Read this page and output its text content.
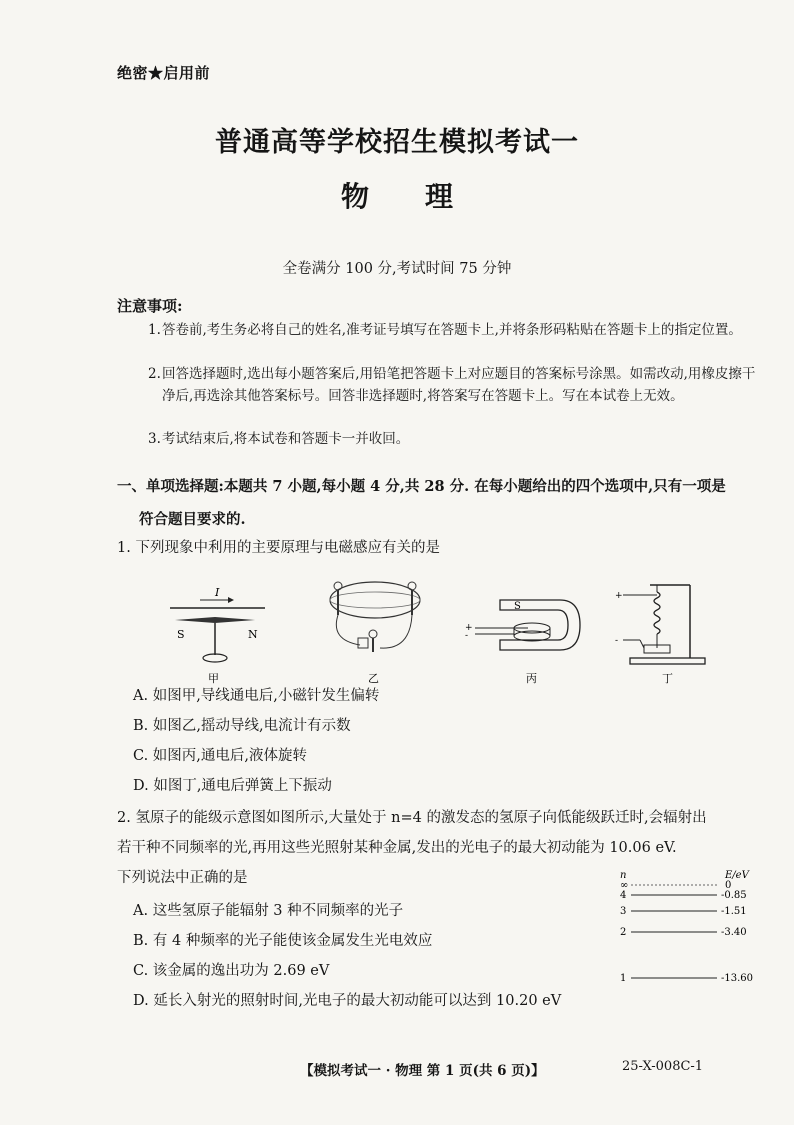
绝密★启用前
普通高等学校招生模拟考试一
物 理
全卷满分 100 分,考试时间 75 分钟
注意事项:
1. 答卷前,考生务必将自己的姓名,准考证号填写在答题卡上,并将条形码粘贴在答题卡上的指定位置。
2. 回答选择题时,选出每小题答案后,用铅笔把答题卡上对应题目的答案标号涂黑。如需改动,用橡皮擦干净后,再选涂其他答案标号。回答非选择题时,将答案写在答题卡上。写在本试卷上无效。
3. 考试结束后,将本试卷和答题卡一并收回。
一、单项选择题:本题共 7 小题,每小题 4 分,共 28 分. 在每小题给出的四个选项中,只有一项是
符合题目要求的.
1. 下列现象中利用的主要原理与电磁感应有关的是
I
S	N
S
+
-
+
-
甲	乙	丙	丁
A. 如图甲,导线通电后,小磁针发生偏转
B. 如图乙,摇动导线,电流计有示数
C. 如图丙,通电后,液体旋转
D. 如图丁,通电后弹簧上下振动
2. 氢原子的能级示意图如图所示,大量处于 n=4 的激发态的氢原子向低能级跃迁时,会辐射出
若干种不同频率的光,再用这些光照射某种金属,发出的光电子的最大初动能为 10.06 eV.
下列说法中正确的是
A. 这些氢原子能辐射 3 种不同频率的光子
B. 有 4 种频率的光子能使该金属发生光电效应
C. 该金属的逸出功为 2.69 eV
D. 延长入射光的照射时间,光电子的最大初动能可以达到 10.20 eV
n	E/eV
∞	0
4	-0.85
3	-1.51
2	-3.40
1	-13.60
【模拟考试一 · 物理 第 1 页(共 6 页)】	25-X-008C-1
